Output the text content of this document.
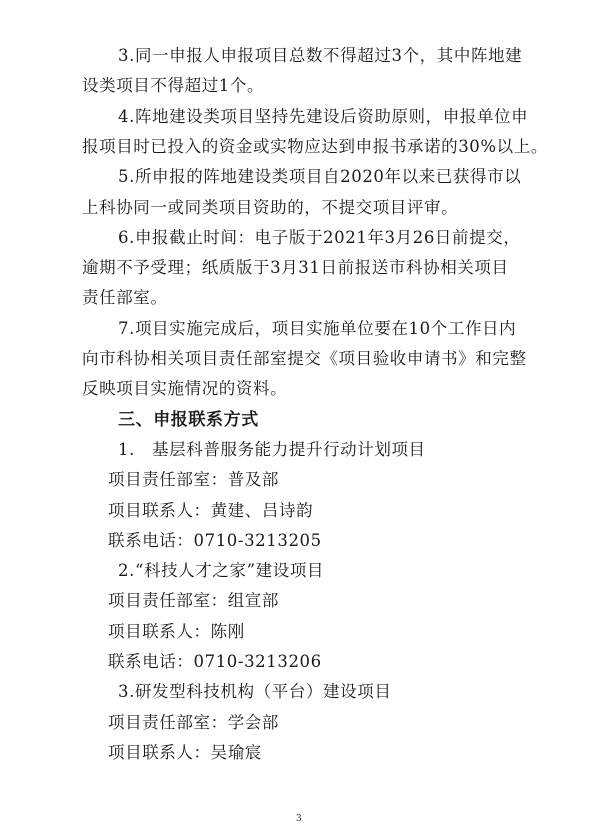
3.同一申报人申报项目总数不得超过3个，其中阵地建
设类项目不得超过1个。
4.阵地建设类项目坚持先建设后资助原则，申报单位申
报项目时已投入的资金或实物应达到申报书承诺的30%以上。
5.所申报的阵地建设类项目自2020年以来已获得市以
上科协同一或同类项目资助的，不提交项目评审。
6.申报截止时间：电子版于2021年3月26日前提交，
逾期不予受理；纸质版于3月31日前报送市科协相关项目
责任部室。
7.项目实施完成后，项目实施单位要在10个工作日内
向市科协相关项目责任部室提交《项目验收申请书》和完整
反映项目实施情况的资料。
三、申报联系方式
1.　基层科普服务能力提升行动计划项目
项目责任部室：普及部
项目联系人：黄建、吕诗韵
联系电话：0710-3213205
2.“科技人才之家”建设项目
项目责任部室：组宣部
项目联系人：陈刚
联系电话：0710-3213206
3.研发型科技机构（平台）建设项目
项目责任部室：学会部
项目联系人：吴瑜宸
3
